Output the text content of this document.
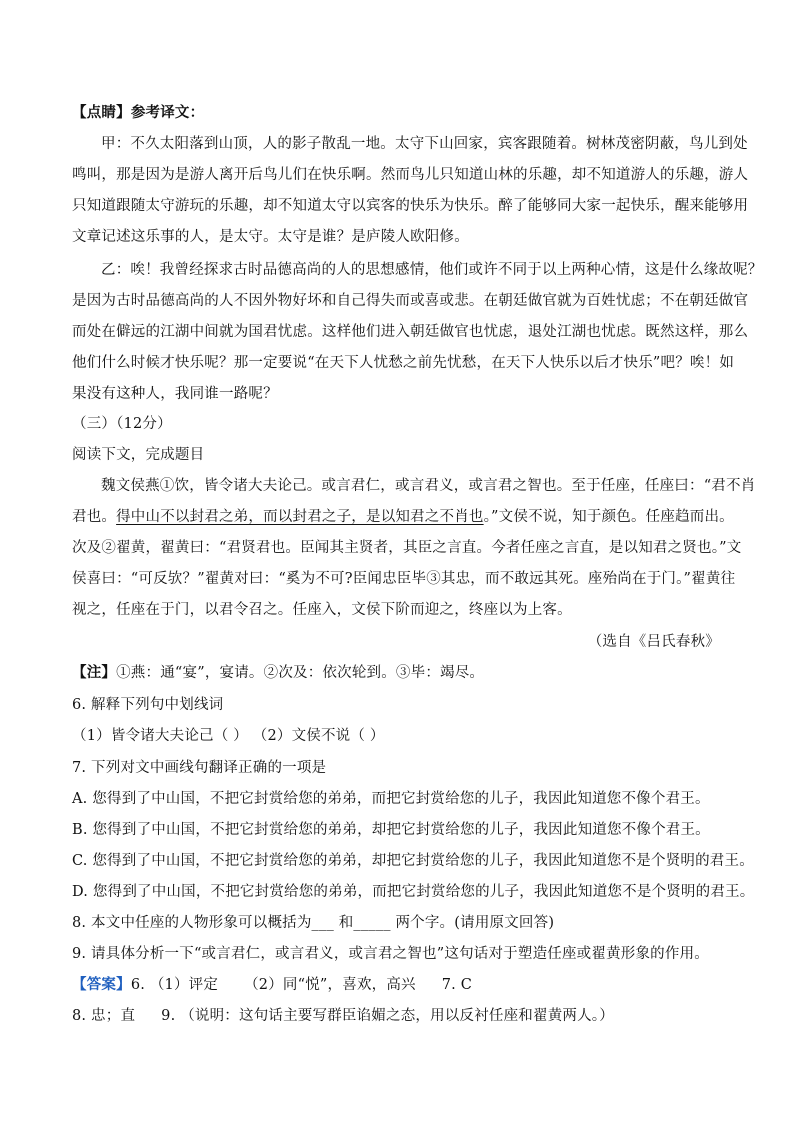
【点睛】参考译文：
甲：不久太阳落到山顶，人的影子散乱一地。太守下山回家，宾客跟随着。树林茂密阴蔽，鸟儿到处
鸣叫，那是因为是游人离开后鸟儿们在快乐啊。然而鸟儿只知道山林的乐趣，却不知道游人的乐趣，游人
只知道跟随太守游玩的乐趣，却不知道太守以宾客的快乐为快乐。醉了能够同大家一起快乐，醒来能够用
文章记述这乐事的人，是太守。太守是谁？是庐陵人欧阳修。
乙：唉！我曾经探求古时品德高尚的人的思想感情，他们或许不同于以上两种心情，这是什么缘故呢？
是因为古时品德高尚的人不因外物好坏和自己得失而或喜或悲。在朝廷做官就为百姓忧虑；不在朝廷做官
而处在僻远的江湖中间就为国君忧虑。这样他们进入朝廷做官也忧虑，退处江湖也忧虑。既然这样，那么
他们什么时候才快乐呢？那一定要说“在天下人忧愁之前先忧愁，在天下人快乐以后才快乐”吧？唉！如
果没有这种人，我同谁一路呢？
（三）（12分）
阅读下文，完成题目
魏文侯燕①饮，皆令诸大夫论己。或言君仁，或言君义，或言君之智也。至于任座，任座曰：“君不肖
君也。得中山不以封君之弟，而以封君之子，是以知君之不肖也。”文侯不说，知于颜色。任座趋而出。
次及②翟黄，翟黄曰：“君贤君也。臣闻其主贤者，其臣之言直。今者任座之言直，是以知君之贤也。”文
侯喜曰：“可反欤？”翟黄对曰：“奚为不可?臣闻忠臣毕③其忠，而不敢远其死。座殆尚在于门。”翟黄往
视之，任座在于门，以君令召之。任座入，文侯下阶而迎之，终座以为上客。
（选自《吕氏春秋》
【注】①燕：通“宴”，宴请。②次及：依次轮到。③毕：竭尽。
6. 解释下列句中划线词
（1）皆令诸大夫论己（ ） （2）文侯不说（ ）
7. 下列对文中画线句翻译正确的一项是
A. 您得到了中山国，不把它封赏给您的弟弟，而把它封赏给您的儿子，我因此知道您不像个君王。
B. 您得到了中山国，不把它封赏给您的弟弟，却把它封赏给您的儿子，我因此知道您不像个君王。
C. 您得到了中山国，不把它封赏给您的弟弟，却把它封赏给您的儿子，我因此知道您不是个贤明的君王。
D. 您得到了中山国，不把它封赏给您的弟弟，而把它封赏给您的儿子，我因此知道您不是个贤明的君王。
8. 本文中任座的人物形象可以概括为___ 和_____ 两个字。(请用原文回答)
9. 请具体分析一下“或言君仁，或言君义，或言君之智也”这句话对于塑造任座或翟黄形象的作用。
【答案】6. （1）评定 （2）同“悦”，喜欢，高兴 7. C
8. 忠；直 9. （说明：这句话主要写群臣谄媚之态，用以反衬任座和翟黄两人。）
